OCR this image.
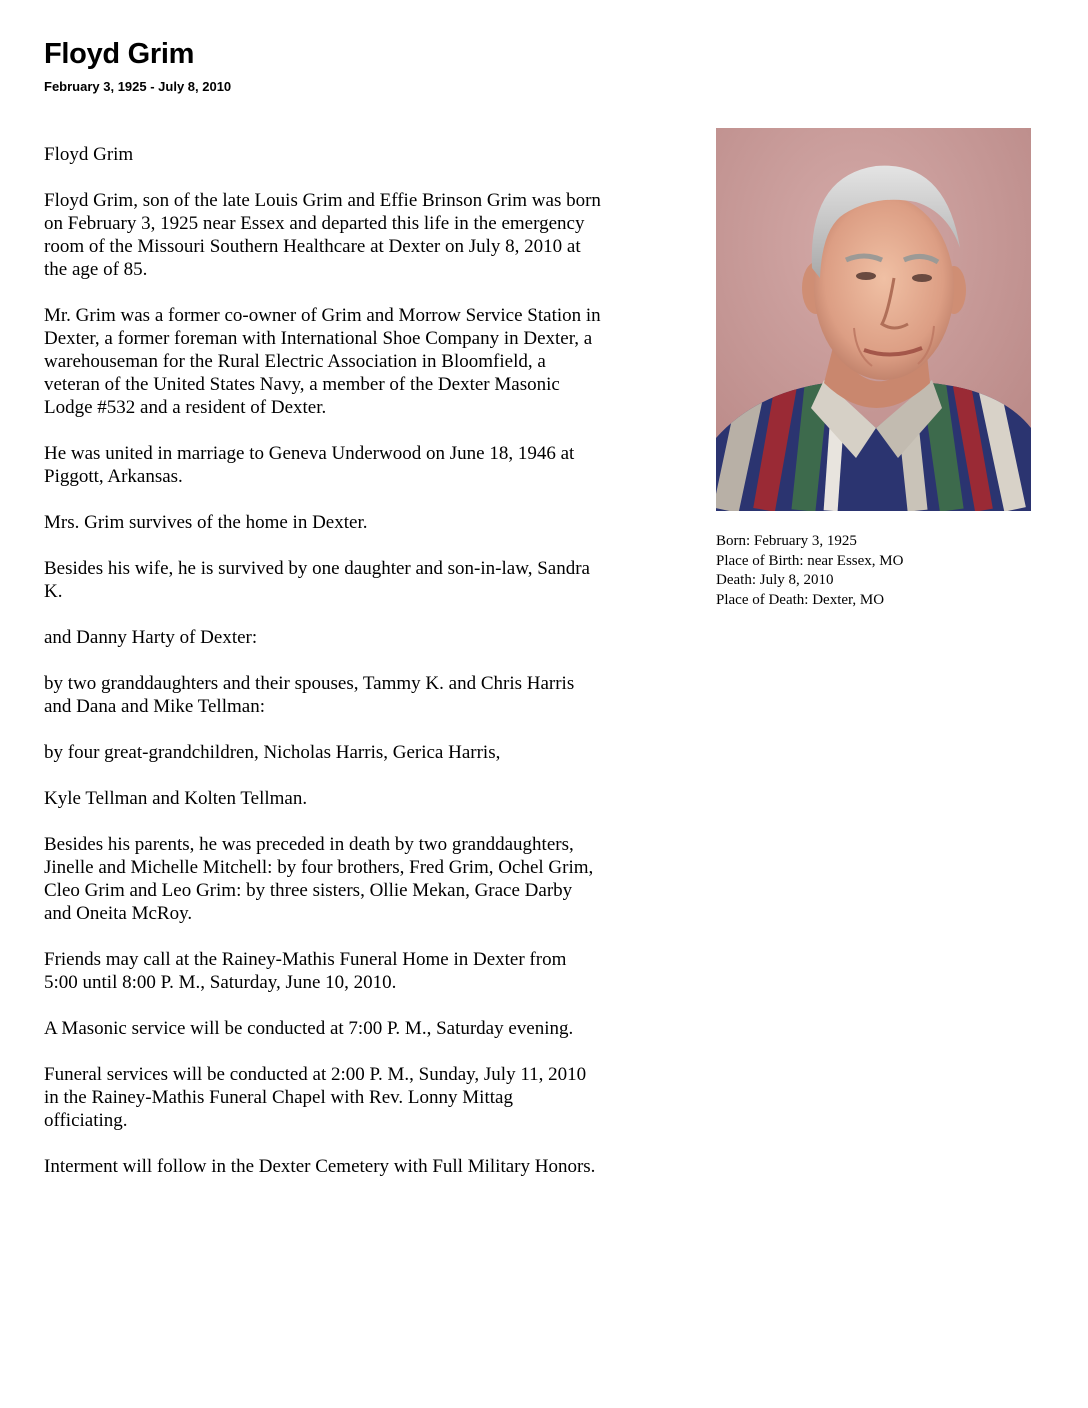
Floyd Grim
February 3, 1925 - July 8, 2010

Floyd Grim

Floyd Grim, son of the late Louis Grim and Effie Brinson Grim was born
on February 3, 1925 near Essex and departed this life in the emergency
room of the Missouri Southern Healthcare at Dexter on July 8, 2010 at
the age of 85.

Mr. Grim was a former co-owner of Grim and Morrow Service Station in
Dexter, a former foreman with International Shoe Company in Dexter, a
warehouseman for the Rural Electric Association in Bloomfield, a
veteran of the United States Navy, a member of the Dexter Masonic
Lodge #532 and a resident of Dexter.

He was united in marriage to Geneva Underwood on June 18, 1946 at
Piggott, Arkansas.

Mrs. Grim survives of the home in Dexter.

Besides his wife, he is survived by one daughter and son-in-law, Sandra
K.

and Danny Harty of Dexter:

by two granddaughters and their spouses, Tammy K. and Chris Harris
and Dana and Mike Tellman:

by four great-grandchildren, Nicholas Harris, Gerica Harris,

Kyle Tellman and Kolten Tellman.

Besides his parents, he was preceded in death by two granddaughters,
Jinelle and Michelle Mitchell: by four brothers, Fred Grim, Ochel Grim,
Cleo Grim and Leo Grim: by three sisters, Ollie Mekan, Grace Darby
and Oneita McRoy.

Friends may call at the Rainey-Mathis Funeral Home in Dexter from
5:00 until 8:00 P. M., Saturday, June 10, 2010.

A Masonic service will be conducted at 7:00 P. M., Saturday evening.

Funeral services will be conducted at 2:00 P. M., Sunday, July 11, 2010
in the Rainey-Mathis Funeral Chapel with Rev. Lonny Mittag
officiating.

Interment will follow in the Dexter Cemetery with Full Military Honors.

Born: February 3, 1925
Place of Birth: near Essex, MO
Death: July 8, 2010
Place of Death: Dexter, MO
